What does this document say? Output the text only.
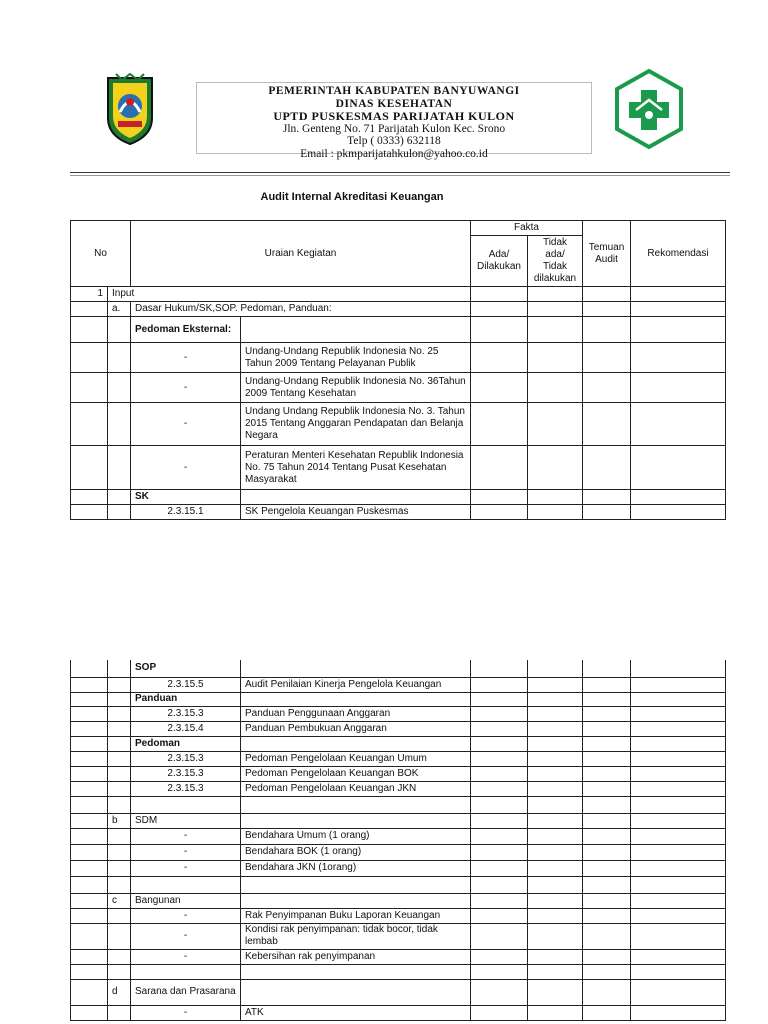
PEMERINTAH KABUPATEN BANYUWANGI
DINAS KESEHATAN
UPTD PUSKESMAS PARIJATAH KULON
Jln. Genteng No. 71 Parijatah Kulon Kec. Srono
Telp ( 0333) 632118
Email : pkmparijatahkulon@yahoo.co.id
Audit Internal Akreditasi Keuangan
No		Uraian Kegiatan		Fakta		Temuan Audit	Rekomendasi
				Ada/ Dilakukan	Tidak ada/ Tidak dilakukan		
1	Input						
	a.	Dasar Hukum/SK,SOP. Pedoman, Panduan:					
		Pedoman Eksternal:					
		-	Undang-Undang Republik Indonesia No. 25 Tahun 2009 Tentang Pelayanan Publik				
		-	Undang-Undang Republik Indonesia No. 36Tahun 2009 Tentang Kesehatan				
		-	Undang Undang Republik Indonesia No. 3. Tahun 2015 Tentang Anggaran Pendapatan dan Belanja Negara				
		-	Peraturan Menteri Kesehatan Republik Indonesia No. 75 Tahun 2014 Tentang Pusat Kesehatan Masyarakat				
		SK					
		2.3.15.1	SK Pengelola Keuangan Puskesmas				
		SOP					
		2.3.15.5	Audit Penilaian Kinerja Pengelola Keuangan				
		Panduan					
		2.3.15.3	Panduan Penggunaan Anggaran				
		2.3.15.4	Panduan Pembukuan Anggaran				
		Pedoman					
		2.3.15.3	Pedoman Pengelolaan Keuangan Umum				
		2.3.15.3	Pedoman Pengelolaan Keuangan BOK				
		2.3.15.3	Pedoman Pengelolaan Keuangan JKN				

	b	SDM					
		-	Bendahara Umum (1 orang)				
		-	Bendahara BOK (1 orang)				
		-	Bendahara JKN (1orang)				

	c	Bangunan					
		-	Rak Penyimpanan Buku Laporan Keuangan				
		-	Kondisi rak penyimpanan: tidak bocor, tidak lembab				
		-	Kebersihan rak penyimpanan				

	d	Sarana dan Prasarana					
		-	ATK				
